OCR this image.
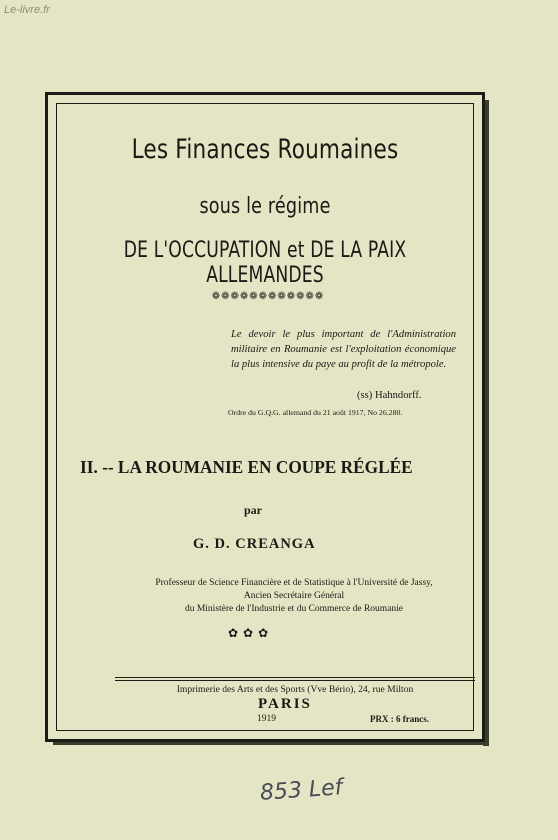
Le-livre.fr
Les Finances Roumaines
sous le régime
DE L'OCCUPATION et DE LA PAIX ALLEMANDES
❁❁❁❁❁❁❁❁❁❁❁❁
Le devoir le plus important de l'Administration militaire en Roumanie est l'exploitation économique la plus intensive du paye au profit de la métropole.
(ss) Hahndorff.
Ordre du G.Q.G. allemand du 21 août 1917, No 26.280.
II. -- LA ROUMANIE EN COUPE RÉGLÉE
par
G. D. CREANGA
Professeur de Science Financière et de Statistique à l'Université de Jassy,
Ancien Secrétaire Général
du Ministère de l'Industrie et du Commerce de Roumanie
✿✿✿
Imprimerie des Arts et des Sports (Vve Bério), 24, rue Milton
PARIS
1919	PRX : 6 francs.
853 Lef
